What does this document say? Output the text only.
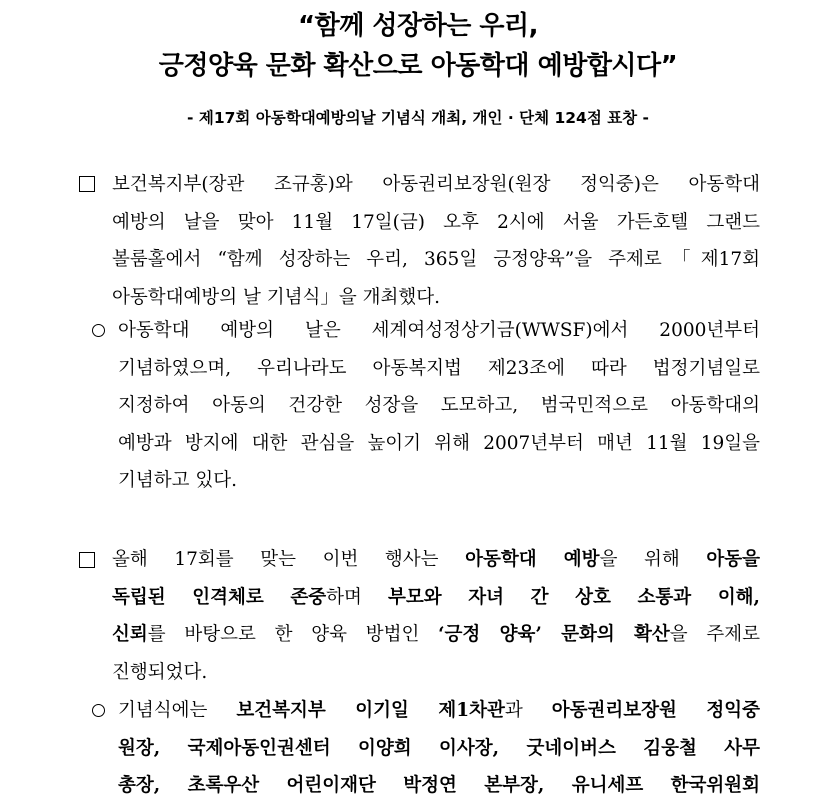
“함께 성장하는 우리,
긍정양육 문화 확산으로 아동학대 예방합시다”
- 제17회 아동학대예방의날 기념식 개최, 개인 · 단체 124점 표창 -
보건복지부(장관 조규홍)와 아동권리보장원(원장 정익중)은 아동학대
예방의 날을 맞아 11월 17일(금) 오후 2시에 서울 가든호텔 그랜드
볼룸홀에서 “함께 성장하는 우리, 365일 긍정양육”을 주제로「제17회
아동학대예방의 날 기념식」을 개최했다.
아동학대 예방의 날은 세계여성정상기금(WWSF)에서 2000년부터
기념하였으며, 우리나라도 아동복지법 제23조에 따라 법정기념일로
지정하여 아동의 건강한 성장을 도모하고, 범국민적으로 아동학대의
예방과 방지에 대한 관심을 높이기 위해 2007년부터 매년 11월 19일을
기념하고 있다.
올해 17회를 맞는 이번 행사는 아동학대 예방을 위해 아동을
독립된 인격체로 존중하며 부모와 자녀 간 상호 소통과 이해,
신뢰를 바탕으로 한 양육 방법인 ‘긍정 양육’ 문화의 확산을 주제로
진행되었다.
기념식에는 보건복지부 이기일 제1차관과 아동권리보장원 정익중
원장, 국제아동인권센터 이양희 이사장, 굿네이버스 김웅철 사무
총장, 초록우산 어린이재단 박정연 본부장, 유니세프 한국위원회
